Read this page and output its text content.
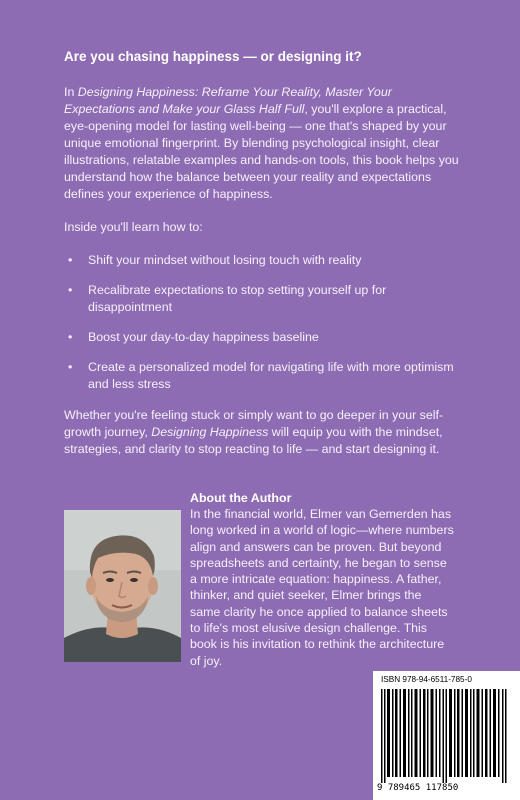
Are you chasing happiness — or designing it?

In Designing Happiness: Reframe Your Reality, Master Your Expectations and Make your Glass Half Full, you'll explore a practical, eye-opening model for lasting well-being — one that's shaped by your unique emotional fingerprint. By blending psychological insight, clear illustrations, relatable examples and hands-on tools, this book helps you understand how the balance between your reality and expectations defines your experience of happiness.

Inside you'll learn how to:

• Shift your mindset without losing touch with reality
• Recalibrate expectations to stop setting yourself up for disappointment
• Boost your day-to-day happiness baseline
• Create a personalized model for navigating life with more optimism and less stress

Whether you're feeling stuck or simply want to go deeper in your self-growth journey, Designing Happiness will equip you with the mindset, strategies, and clarity to stop reacting to life — and start designing it.

About the Author

In the financial world, Elmer van Gemerden has long worked in a world of logic—where numbers align and answers can be proven. But beyond spreadsheets and certainty, he began to sense a more intricate equation: happiness. A father, thinker, and quiet seeker, Elmer brings the same clarity he once applied to balance sheets to life's most elusive design challenge. This book is his invitation to rethink the architecture of joy.

ISBN 978-94-6511-785-0
9 789465 117850
